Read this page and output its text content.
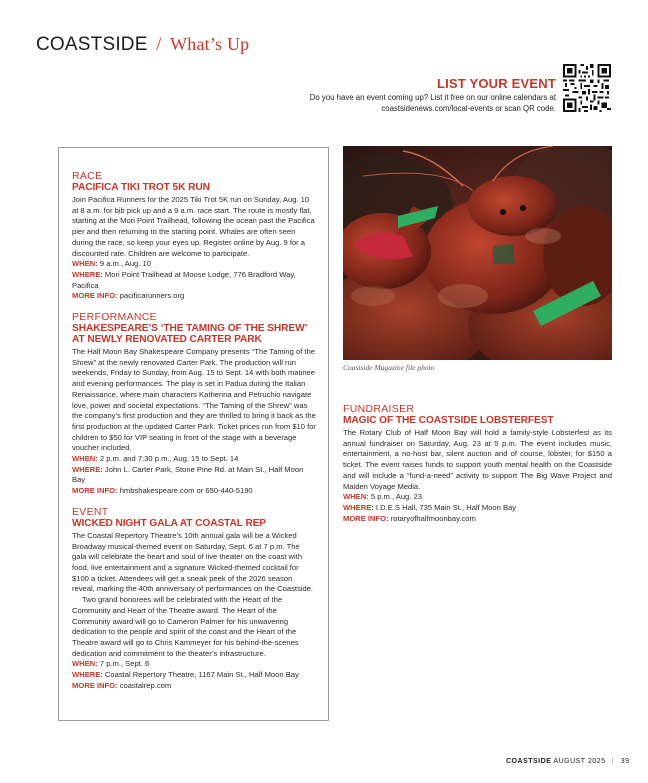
COASTSIDE / What’s Up
LIST YOUR EVENT
Do you have an event coming up? List it free on our online calendars at
coastsidenews.com/local-events or scan QR code.
RACE
PACIFICA TIKI TROT 5K RUN
Join Pacifica Runners for the 2025 Tiki Trot 5K run on Sunday, Aug. 10 at 8 a.m. for bib pick up and a 9 a.m. race start. The route is mostly flat, starting at the Mori Point Trailhead, following the ocean past the Pacifica pier and then returning to the starting point. Whales are often seen during the race, so keep your eyes up. Register online by Aug. 9 for a discounted rate. Children are welcome to participate.
WHEN: 9 a.m., Aug. 10
WHERE: Mori Point Trailhead at Moose Lodge, 776 Bradford Way, Pacifica
MORE INFO: pacificarunners.org
PERFORMANCE
SHAKESPEARE’S ‘THE TAMING OF THE SHREW’ AT NEWLY RENOVATED CARTER PARK
The Half Moon Bay Shakespeare Company presents “The Taming of the Shrew” at the newly renovated Carter Park. The production will run weekends, Friday to Sunday, from Aug. 15 to Sept. 14 with both matinee and evening performances. The play is set in Padua during the Italian Renaissance, where main characters Katherina and Petruchio navigate love, power and societal expectations. “The Taming of the Shrew” was the company’s first production and they are thrilled to bring it back as the first production at the updated Carter Park. Ticket prices run from $10 for children to $50 for VIP seating in front of the stage with a beverage voucher included.
WHEN: 2 p.m. and 7:30 p.m., Aug. 15 to Sept. 14
WHERE: John L. Carter Park, Stone Pine Rd. at Main St., Half Moon Bay
MORE INFO: hmbshakespeare.com or 650-440-5190
EVENT
WICKED NIGHT GALA AT COASTAL REP

The Coastal Repertory Theatre’s 10th annual gala will be a Wicked Broadway musical-themed event on Saturday, Sept. 6 at 7 p.m. The gala will celebrate the heart and soul of live theater on the coast with food, live entertainment and a signature Wicked-themed cocktail for $100 a ticket. Attendees will get a sneak peek of the 2026 season reveal, marking the 40th anniversary of performances on the Coastside.

Two grand honorees will be celebrated with the Heart of the Community and Heart of the Theatre award. The Heart of the Community award will go to Cameron Palmer for his unwavering dedication to the people and spirit of the coast and the Heart of the Theatre award will go to Chris Kammeyer for his behind-the-scenes dedication and commitment to the theater’s infrastructure.

WHEN: 7 p.m., Sept. 6
WHERE: Coastal Repertory Theatre, 1167 Main St., Half Moon Bay
MORE INFO: coastalrep.com
Coastside Magazine file photo
FUNDRAISER
MAGIC OF THE COASTSIDE LOBSTERFEST
The Rotary Club of Half Moon Bay will hold a family-style Lobsterfest as its annual fundraiser on Saturday, Aug. 23 at 5 p.m. The event includes music, entertainment, a no-host bar, silent auction and of course, lobster, for $150 a ticket. The event raises funds to support youth mental health on the Coastside and will include a “fund-a-need” activity to support The Big Wave Project and Maiden Voyage Media.
WHEN: 5 p.m., Aug. 23
WHERE: I.D.E.S Hall, 735 Main St., Half Moon Bay
MORE INFO: rotaryofhalfmoonbay.com
COASTSIDE AUGUST 2025 | 39
